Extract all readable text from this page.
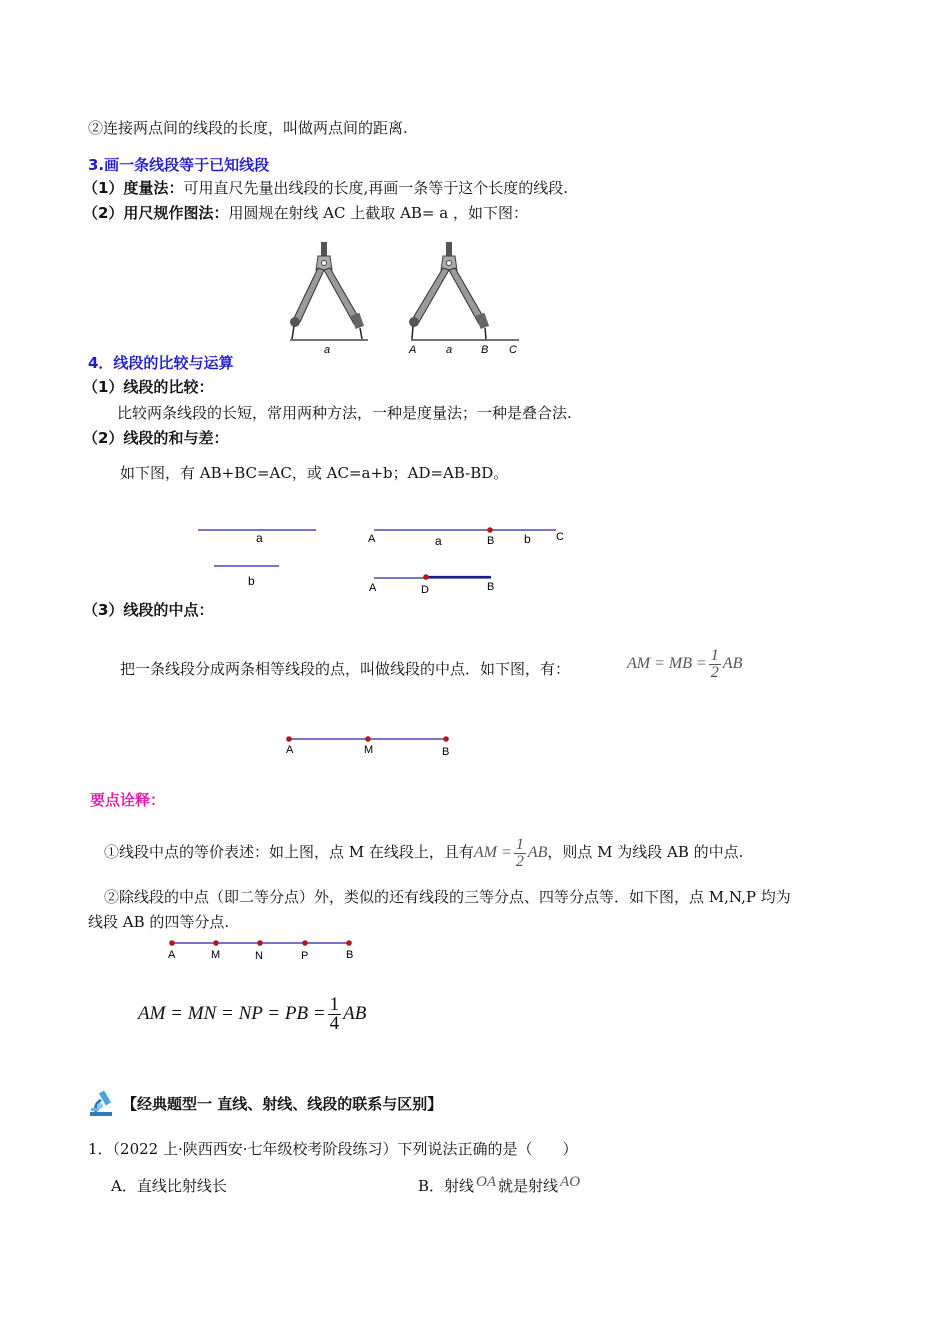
②连接两点间的线段的长度，叫做两点间的距离.
3.画一条线段等于已知线段
（1）度量法：可用直尺先量出线段的长度,再画一条等于这个长度的线段.
（2）用尺规作图法：用圆规在射线 AC 上截取 AB= a ，如下图：
a	A	a	B C
4．线段的比较与运算
（1）线段的比较：
比较两条线段的长短，常用两种方法，一种是度量法；一种是叠合法.
（2）线段的和与差：
如下图，有 AB+BC=AC，或 AC=a+b；AD=AB-BD。
a
b
A	a	B b C
A	D	B
（3）线段的中点：
把一条线段分成两条相等线段的点，叫做线段的中点．如下图，有：	AM = MB = $\frac{1}{2}$ AB
A	M	B
要点诠释：
①线段中点的等价表述：如上图，点 M 在线段上，且有AM = $\frac{1}{2}$ AB，则点 M 为线段 AB 的中点.
②除线段的中点（即二等分点）外，类似的还有线段的三等分点、四等分点等．如下图，点 M,N,P 均为
线段 AB 的四等分点.
A	M	N	P	B
AM = MN = NP = PB = $\frac{1}{4}$ AB
【经典题型一 直线、射线、线段的联系与区别】
1．（2022 上·陕西西安·七年级校考阶段练习）下列说法正确的是（　　）
A．直线比射线长	B．射线 OA 就是射线 AO
